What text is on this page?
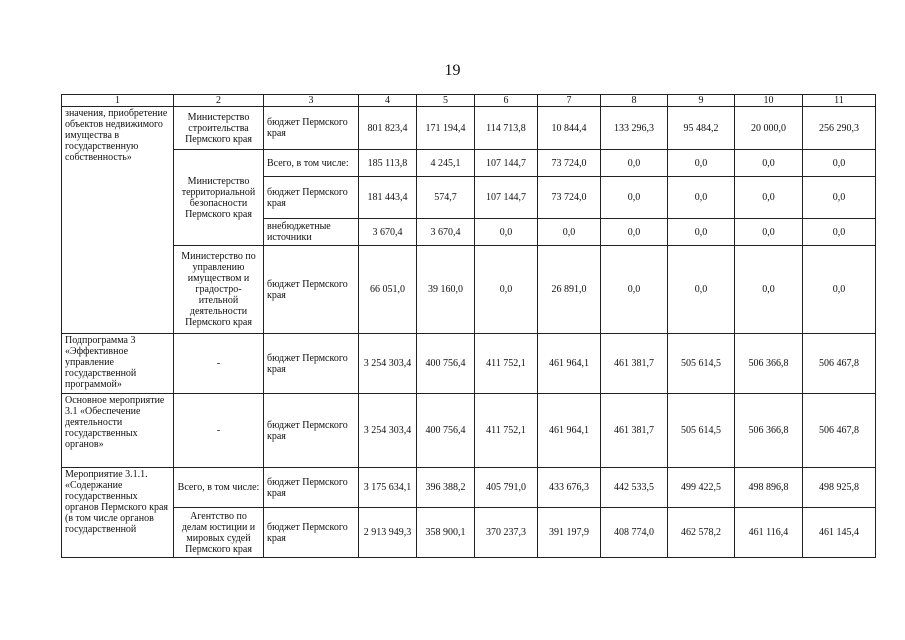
19
1	2	3	4	5	6	7	8	9	10	11
значения, приобретение объектов недвижимого имущества в государственную собственность»	Министерство строительства Пермского края	бюджет Пермского края	801 823,4	171 194,4	114 713,8	10 844,4	133 296,3	95 484,2	20 000,0	256 290,3
	Министерство территориальной безопасности Пермского края	Всего, в том числе:	185 113,8	4 245,1	107 144,7	73 724,0	0,0	0,0	0,0	0,0
		бюджет Пермского края	181 443,4	574,7	107 144,7	73 724,0	0,0	0,0	0,0	0,0
		внебюджетные источники	3 670,4	3 670,4	0,0	0,0	0,0	0,0	0,0	0,0
	Министерство по управлению имуществом и градостро-ительной деятельности Пермского края	бюджет Пермского края	66 051,0	39 160,0	0,0	26 891,0	0,0	0,0	0,0	0,0
Подпрограмма 3 «Эффективное управление государственной программой»	-	бюджет Пермского края	3 254 303,4	400 756,4	411 752,1	461 964,1	461 381,7	505 614,5	506 366,8	506 467,8
Основное мероприятие 3.1 «Обеспечение деятельности государственных органов»	-	бюджет Пермского края	3 254 303,4	400 756,4	411 752,1	461 964,1	461 381,7	505 614,5	506 366,8	506 467,8
Мероприятие 3.1.1. «Содержание государственных органов Пермского края (в том числе органов государственной	Всего, в том числе:	бюджет Пермского края	3 175 634,1	396 388,2	405 791,0	433 676,3	442 533,5	499 422,5	498 896,8	498 925,8
	Агентство по делам юстиции и мировых судей Пермского края	бюджет Пермского края	2 913 949,3	358 900,1	370 237,3	391 197,9	408 774,0	462 578,2	461 116,4	461 145,4
